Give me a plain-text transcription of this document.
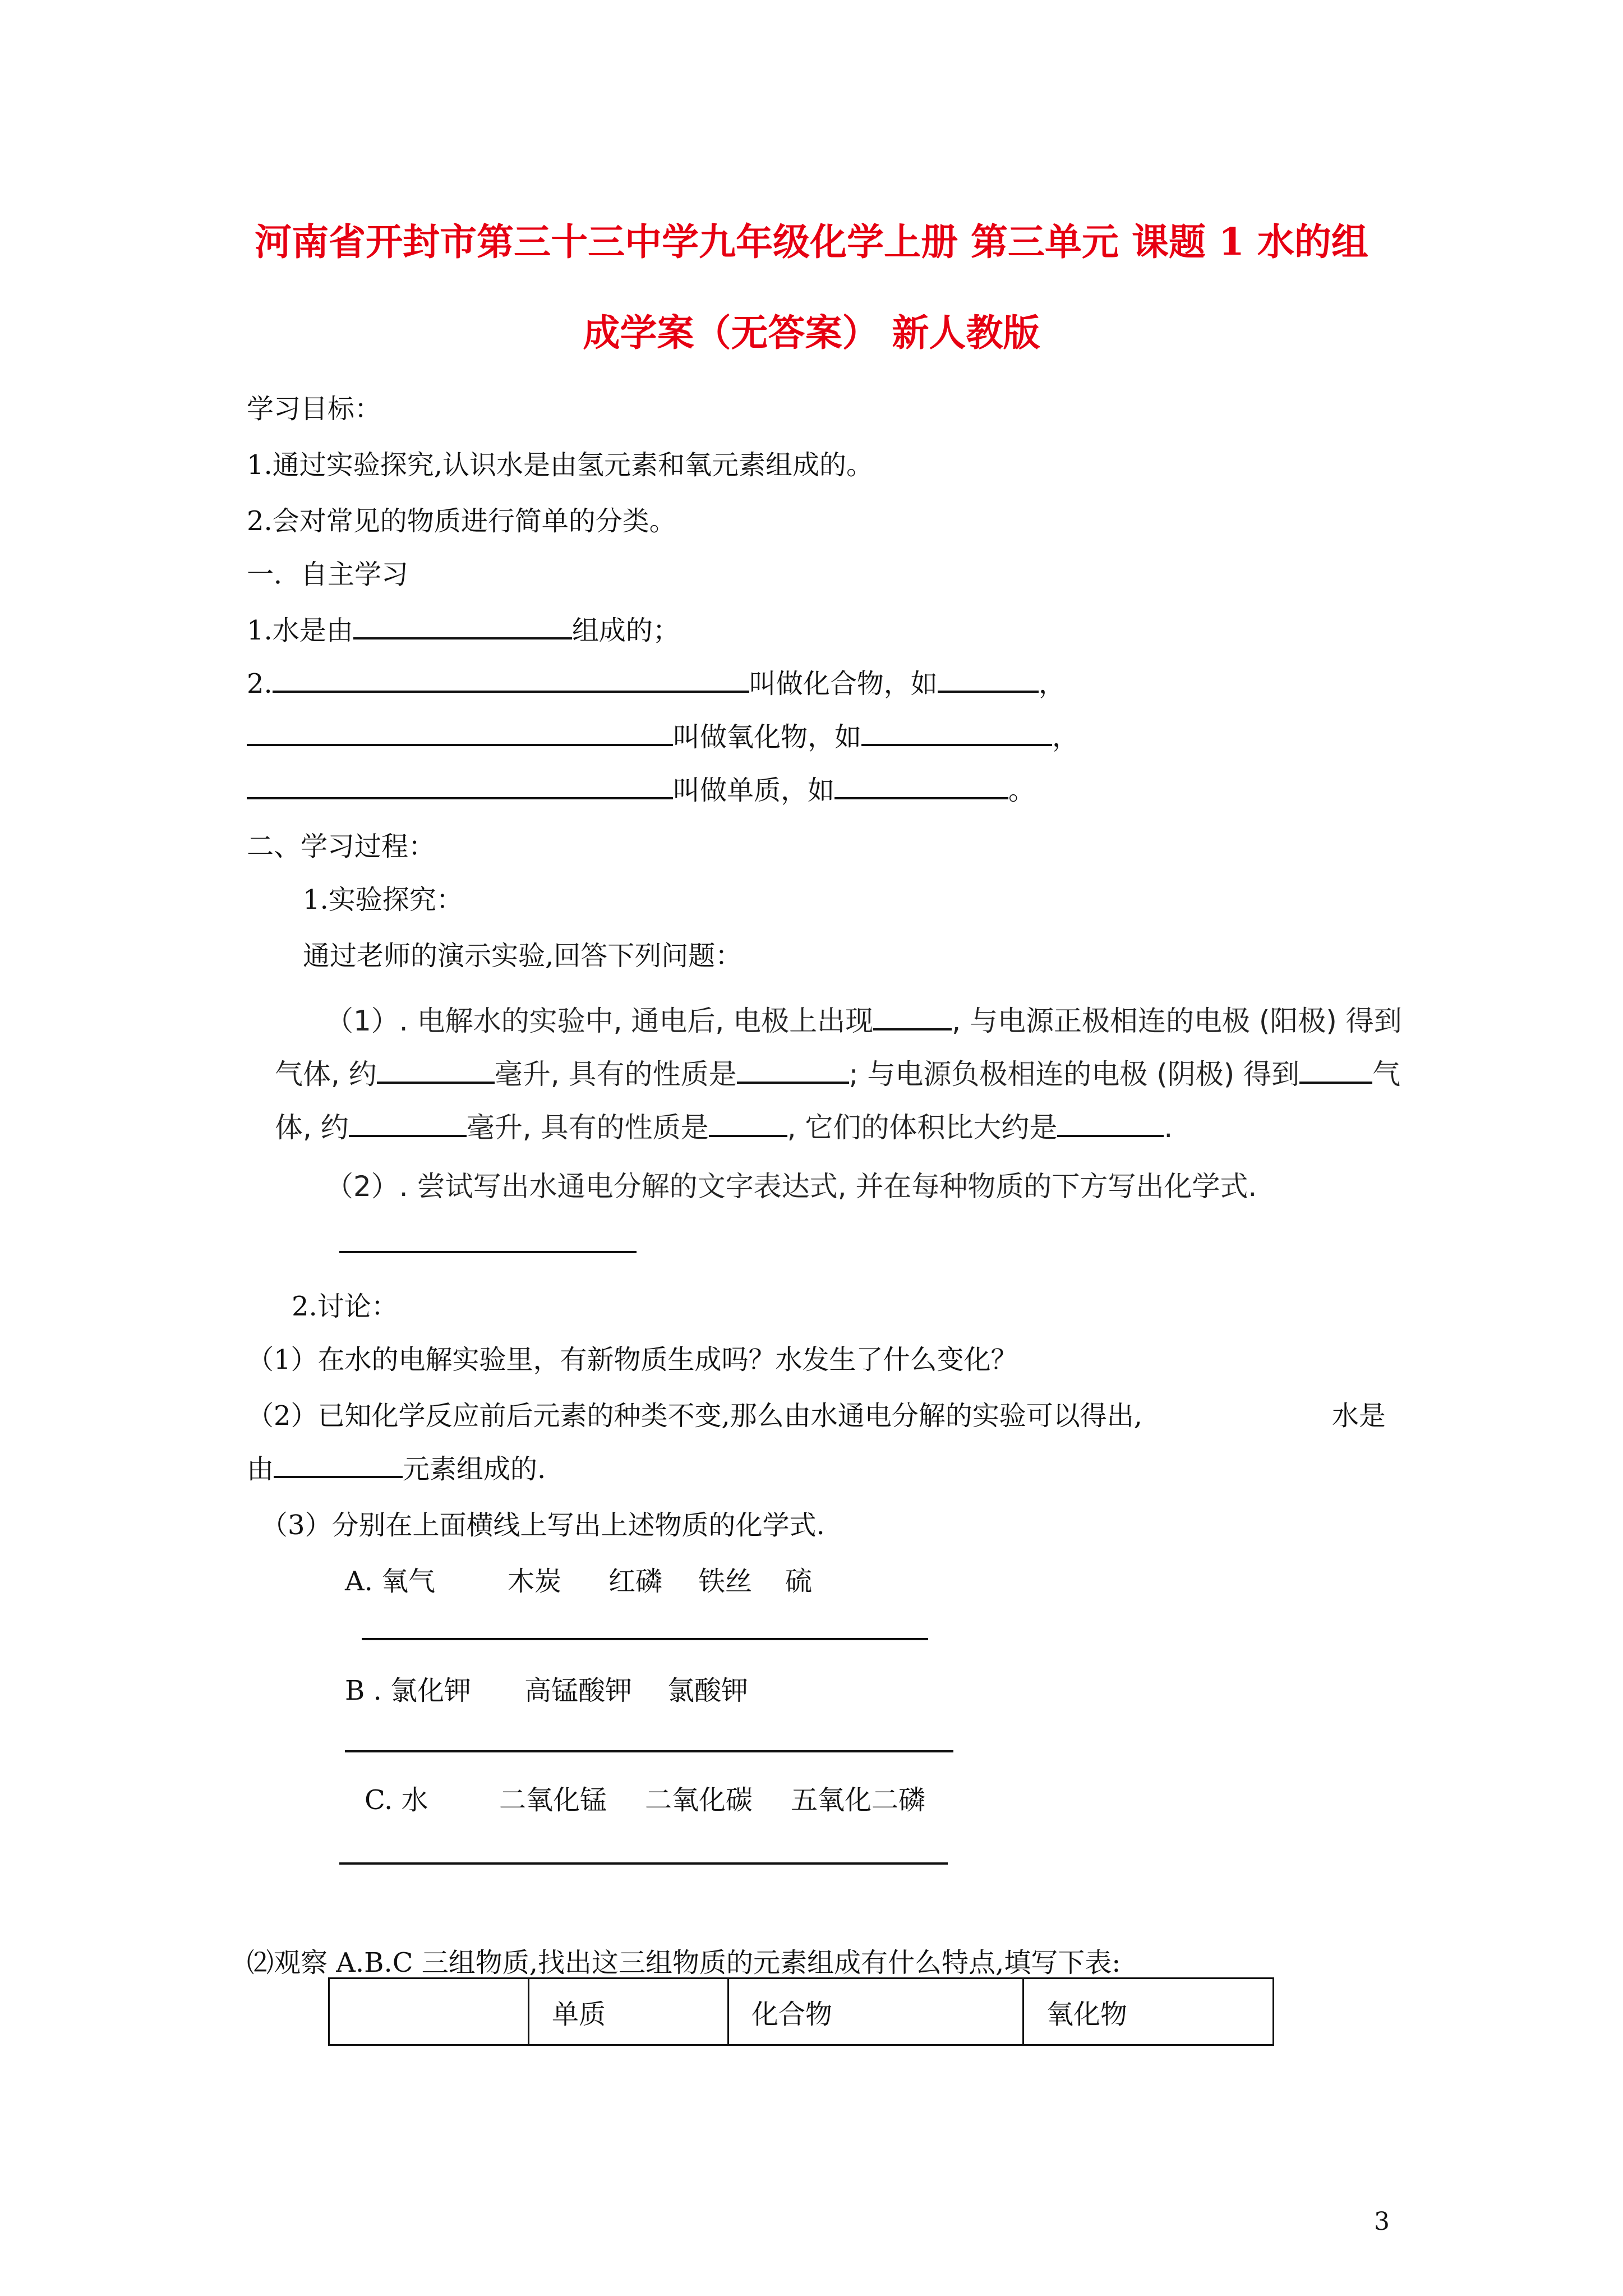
河南省开封市第三十三中学九年级化学上册 第三单元 课题 1 水的组
成学案（无答案） 新人教版
学习目标：
1.通过实验探究,认识水是由氢元素和氧元素组成的。
2.会对常见的物质进行简单的分类。
一．自主学习
1.水是由	组成的；
2.	叫做化合物，如	，
叫做氧化物，如	，
叫做单质，如	。
二、学习过程：
1.实验探究：
通过老师的演示实验,回答下列问题：
（1）. 电解水的实验中, 通电后, 电极上出现	, 与电源正极相连的电极 (阳极) 得到
气体, 约	毫升, 具有的性质是	; 与电源负极相连的电极 (阴极) 得到	气
体, 约	毫升, 具有的性质是	, 它们的体积比大约是	.
（2）. 尝试写出水通电分解的文字表达式, 并在每种物质的下方写出化学式.
2.讨论：
（1）在水的电解实验里，有新物质生成吗？水发生了什么变化？
（2）已知化学反应前后元素的种类不变,那么由水通电分解的实验可以得出,	水是
由	元素组成的.
（3）分别在上面横线上写出上述物质的化学式.
A. 氧气	木炭 红磷 铁丝 硫
B . 氯化钾 高锰酸钾 氯酸钾
C. 水	二氧化锰 二氧化碳 五氧化二磷
⑵观察 A.B.C 三组物质,找出这三组物质的元素组成有什么特点,填写下表:
	单质	化合物	氧化物
3
